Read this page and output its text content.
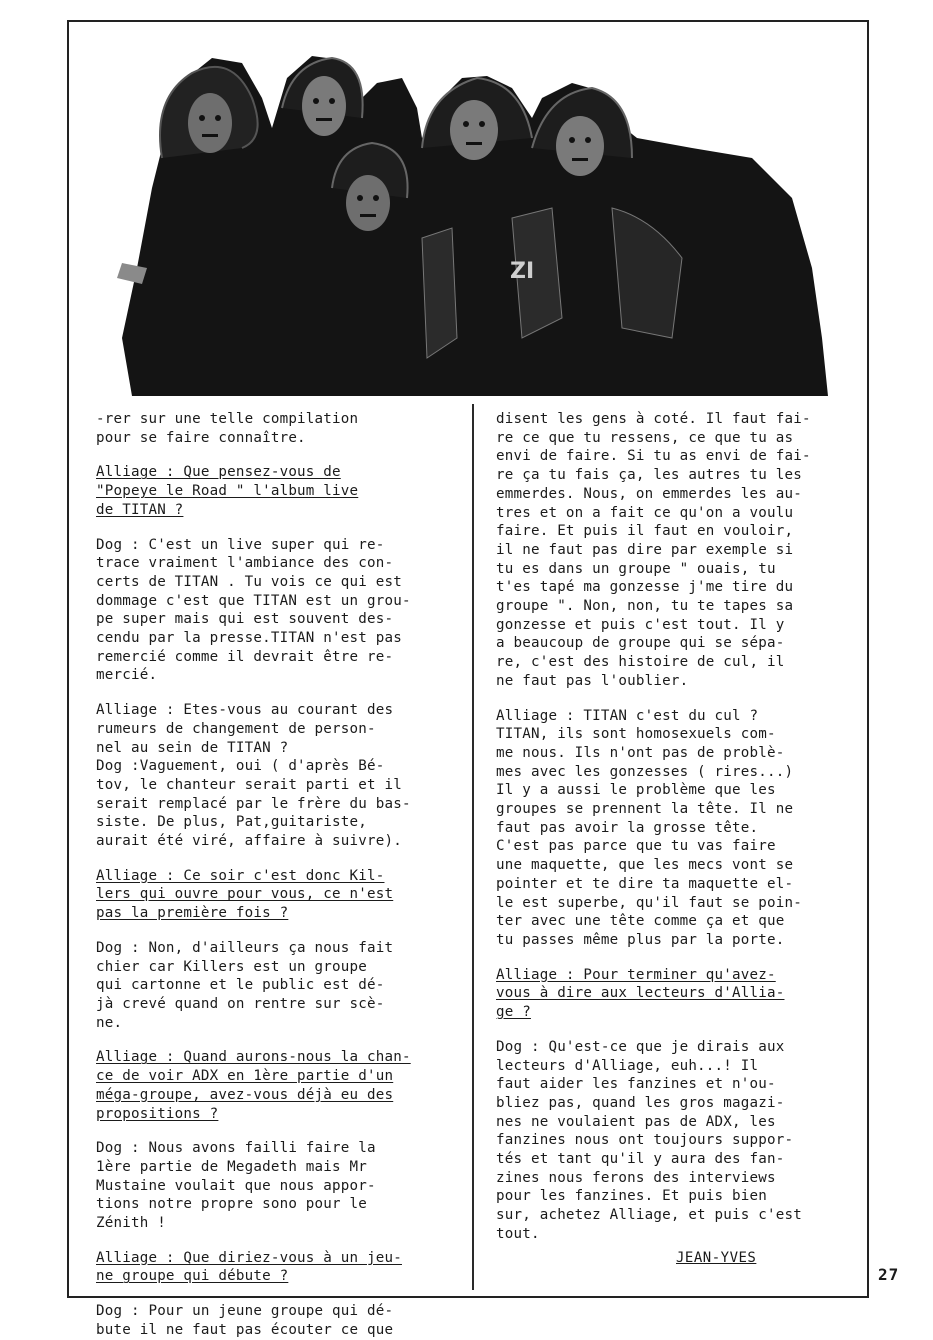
ZI

-rer sur une telle compilation
pour se faire connaître.

Alliage : Que pensez-vous de
"Popeye le Road " l'album live
de TITAN ?

Dog : C'est un live super qui re-
trace vraiment l'ambiance des con-
certs de TITAN . Tu vois ce qui est
dommage c'est que TITAN est un grou-
pe super mais qui est souvent des-
cendu par la presse.TITAN n'est pas
remercié comme il devrait être re-
mercié.

Alliage : Etes-vous au courant des
rumeurs de changement de person-
nel au sein de TITAN ?
Dog :Vaguement, oui ( d'après Bé-
tov, le chanteur serait parti et il
serait remplacé par le frère du bas-
siste. De plus, Pat,guitariste,
aurait été viré, affaire à suivre).

Alliage : Ce soir c'est donc Kil-
lers qui ouvre pour vous, ce n'est
pas la première fois ?

Dog : Non, d'ailleurs ça nous fait
chier car Killers est un groupe
qui cartonne et le public est dé-
jà crevé quand on rentre sur scè-
ne.

Alliage : Quand aurons-nous la chan-
ce de voir ADX en 1ère partie d'un
méga-groupe, avez-vous déjà eu des
propositions ?

Dog : Nous avons failli faire la
1ère partie de Megadeth mais Mr
Mustaine voulait que nous appor-
tions notre propre sono pour le
Zénith !

Alliage : Que diriez-vous à un jeu-
ne groupe qui débute ?

Dog : Pour un jeune groupe qui dé-
bute il ne faut pas écouter ce que

disent les gens à coté. Il faut fai-
re ce que tu ressens, ce que tu as
envi de faire. Si tu as envi de fai-
re ça tu fais ça, les autres tu les
emmerdes. Nous, on emmerdes les au-
tres et on a fait ce qu'on a voulu
faire. Et puis il faut en vouloir,
il ne faut pas dire par exemple si
tu es dans un groupe " ouais, tu
t'es tapé ma gonzesse j'me tire du
groupe ". Non, non, tu te tapes sa
gonzesse et puis c'est tout. Il y
a beaucoup de groupe qui se sépa-
re, c'est des histoire de cul, il
ne faut pas l'oublier.

Alliage : TITAN c'est du cul ?
TITAN, ils sont homosexuels com-
me nous. Ils n'ont pas de problè-
mes avec les gonzesses ( rires...)
Il y a aussi le problème que les
groupes se prennent la tête. Il ne
faut pas avoir la grosse tête.
C'est pas parce que tu vas faire
une maquette, que les mecs vont se
pointer et te dire ta maquette el-
le est superbe, qu'il faut se poin-
ter avec une tête comme ça et que
tu passes même plus par la porte.

Alliage : Pour terminer qu'avez-
vous à dire aux lecteurs d'Allia-
ge ?

Dog : Qu'est-ce que je dirais aux
lecteurs d'Alliage, euh...! Il
faut aider les fanzines et n'ou-
bliez pas, quand les gros magazi-
nes ne voulaient pas de ADX, les
fanzines nous ont toujours suppor-
tés et tant qu'il y aura des fan-
zines nous ferons des interviews
pour les fanzines. Et puis bien
sur, achetez Alliage, et puis c'est
tout.

JEAN-YVES
27
